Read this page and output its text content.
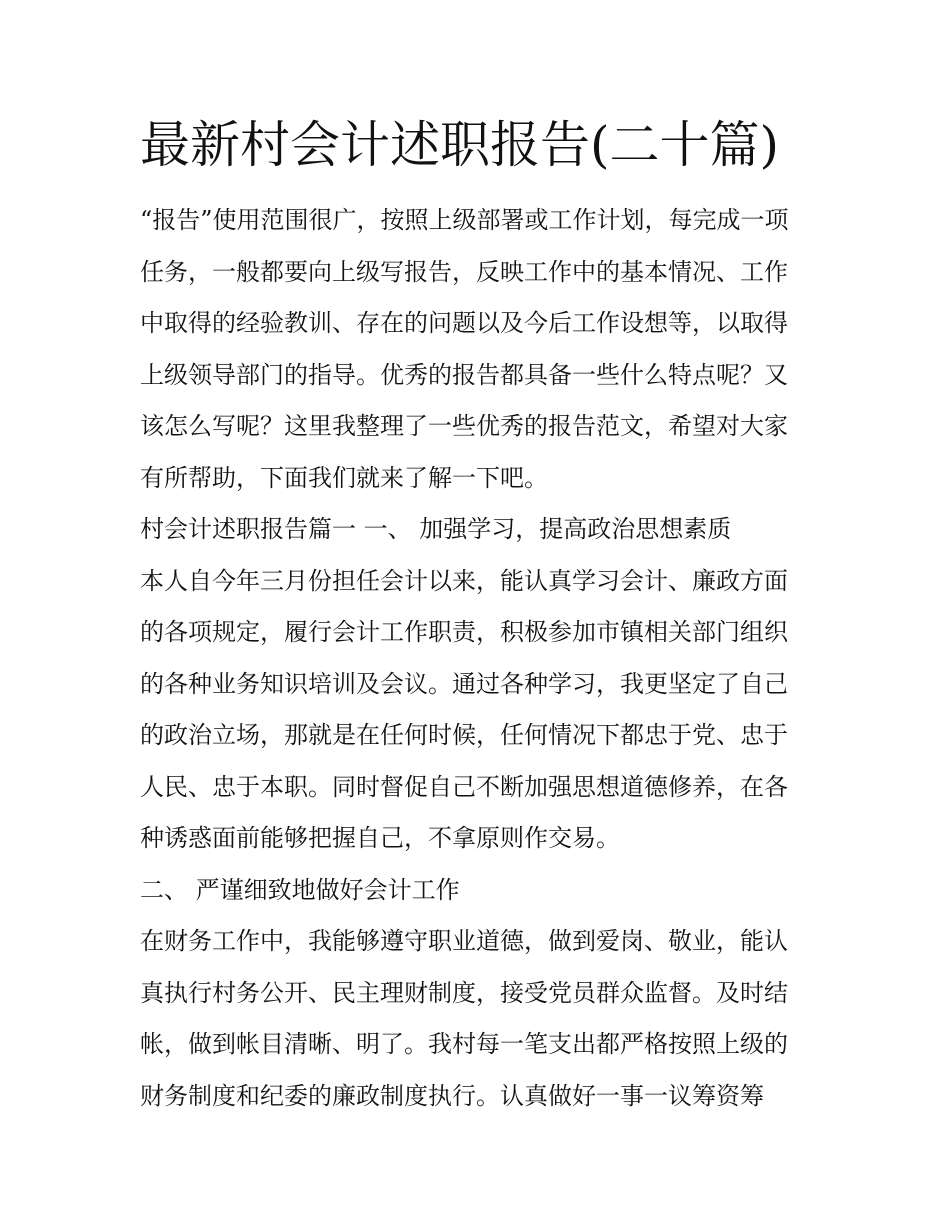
最新村会计述职报告(二十篇)

“报告”使用范围很广，按照上级部署或工作计划，每完成一项

任务，一般都要向上级写报告，反映工作中的基本情况、工作

中取得的经验教训、存在的问题以及今后工作设想等，以取得

上级领导部门的指导。优秀的报告都具备一些什么特点呢？又

该怎么写呢？这里我整理了一些优秀的报告范文，希望对大家

有所帮助，下面我们就来了解一下吧。

村会计述职报告篇一 一、 加强学习，提高政治思想素质

本人自今年三月份担任会计以来，能认真学习会计、廉政方面

的各项规定，履行会计工作职责，积极参加市镇相关部门组织

的各种业务知识培训及会议。通过各种学习，我更坚定了自己

的政治立场，那就是在任何时候，任何情况下都忠于党、忠于

人民、忠于本职。同时督促自己不断加强思想道德修养，在各

种诱惑面前能够把握自己，不拿原则作交易。

二、 严谨细致地做好会计工作

在财务工作中，我能够遵守职业道德，做到爱岗、敬业，能认

真执行村务公开、民主理财制度，接受党员群众监督。及时结

帐，做到帐目清晰、明了。我村每一笔支出都严格按照上级的

财务制度和纪委的廉政制度执行。认真做好一事一议筹资筹
